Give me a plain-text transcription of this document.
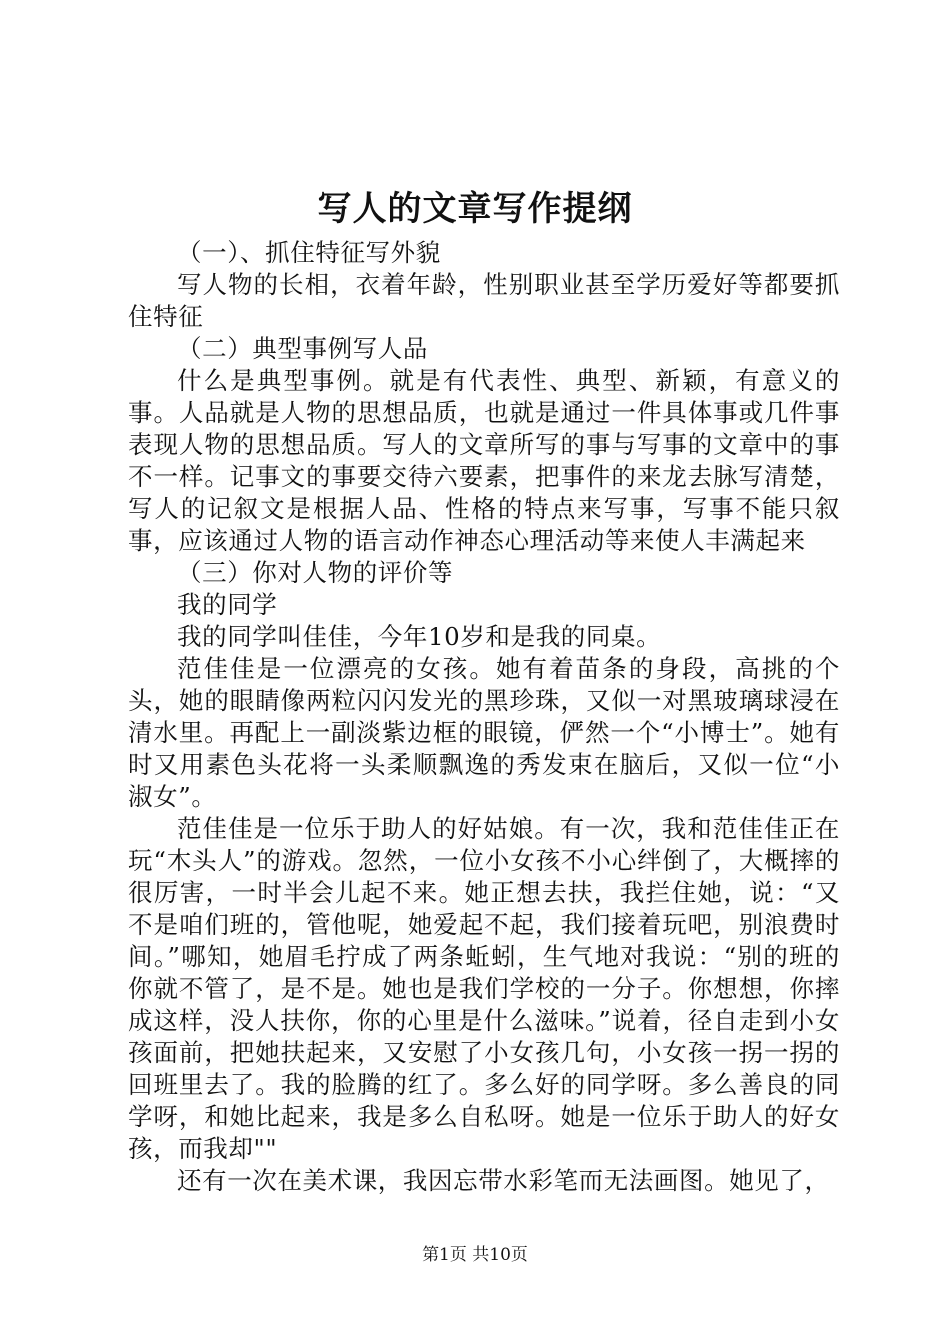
写人的文章写作提纲

（一）、抓住特征写外貌

写人物的长相，衣着年龄，性别职业甚至学历爱好等都要抓住特征

（二）典型事例写人品

什么是典型事例。就是有代表性、典型、新颖，有意义的事。人品就是人物的思想品质，也就是通过一件具体事或几件事表现人物的思想品质。写人的文章所写的事与写事的文章中的事不一样。记事文的事要交待六要素，把事件的来龙去脉写清楚，写人的记叙文是根据人品、性格的特点来写事，写事不能只叙事，应该通过人物的语言动作神态心理活动等来使人丰满起来

（三）你对人物的评价等

我的同学

我的同学叫佳佳，今年10岁和是我的同桌。

范佳佳是一位漂亮的女孩。她有着苗条的身段，高挑的个头，她的眼睛像两粒闪闪发光的黑珍珠，又似一对黑玻璃球浸在清水里。再配上一副淡紫边框的眼镜，俨然一个“小博士”。她有时又用素色头花将一头柔顺飘逸的秀发束在脑后，又似一位“小淑女”。

范佳佳是一位乐于助人的好姑娘。有一次，我和范佳佳正在玩“木头人”的游戏。忽然，一位小女孩不小心绊倒了，大概摔的很厉害，一时半会儿起不来。她正想去扶，我拦住她，说：“又不是咱们班的，管他呢，她爱起不起，我们接着玩吧，别浪费时间。”哪知，她眉毛拧成了两条蚯蚓，生气地对我说：“别的班的你就不管了，是不是。她也是我们学校的一分子。你想想，你摔成这样，没人扶你，你的心里是什么滋味。”说着，径自走到小女孩面前，把她扶起来，又安慰了小女孩几句，小女孩一拐一拐的回班里去了。我的脸腾的红了。多么好的同学呀。多么善良的同学呀，和她比起来，我是多么自私呀。她是一位乐于助人的好女孩，而我却""

还有一次在美术课，我因忘带水彩笔而无法画图。她见了，

第1页 共10页
